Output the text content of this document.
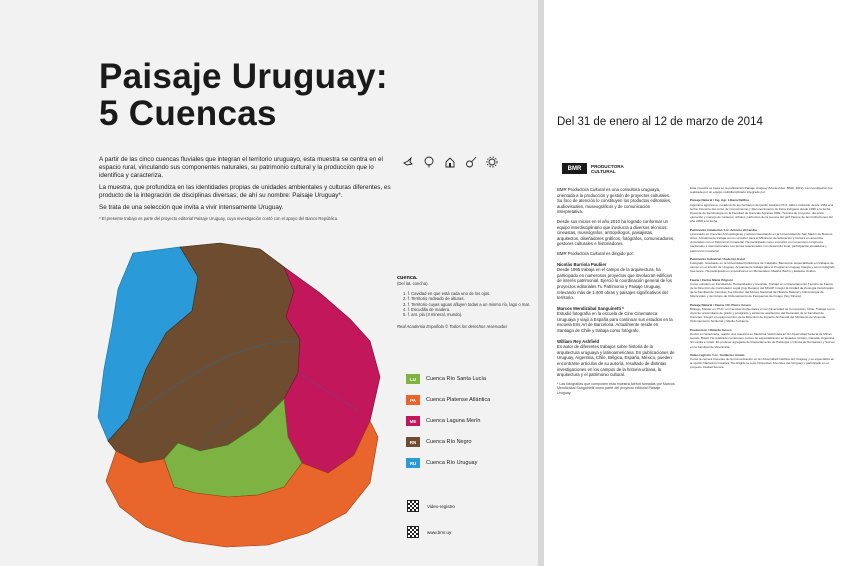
Paisaje Uruguay:
5 Cuencas

A partir de las cinco cuencas fluviales que integran el territorio uruguayo, esta muestra se centra en el espacio rural, vinculando sus componentes naturales, su patrimonio cultural y la producción que lo identifica y caracteriza.

La muestra, que profundiza en las identidades propias de unidades ambientales y culturas diferentes, es producto de la integración de disciplinas diversas; de ahí su nombre: Paisaje Uruguay*.

Se trata de una selección que invita a vivir intensamente Uruguay.

* El presente trabajo es parte del proyecto editorial Paisaje Uruguay, cuya investigación contó con el apoyo del Banco República.

cuenca.
(Del lat. concha).
1. f. Cavidad en que está cada uno de los ojos.
2. f. Territorio rodeado de alturas.
3. f. Territorio cuyas aguas afluyen todas a un mismo río, lago o mar.
4. f. Escudilla de madera.
5. f. ant. pla (II mineral, mundo).
Real Academia Española © Todos los derechos reservados
LU	Cuenca Río Santa Lucía
PA	Cuenca Platense Atlántica
ME	Cuenca Laguna Merín
RN	Cuenca Río Negro
RU	Cuenca Río Uruguay
Video-registro
www.bmr.uy
Del 31 de enero al 12 de marzo de 2014
BMR	PRODUCTORA
CULTURAL

BMR Productora Cultural es una consultora uruguaya, orientada a la producción y gestión de proyectos culturales. Su foco de atención lo constituyen los productos editoriales, audiovisuales, museográficos y de comunicación interpretativa.

Desde sus inicios en el año 2010 ha logrado conformar un equipo interdisciplinario que involucra a diversos técnicos: cineastas, museógrafos, antropólogos, paisajistas, arquitectos, diseñadores gráficos, fotógrafos, comunicadores, gestores culturales e historiadores.

BMR Productora Cultural es dirigido por:

Nicolás Barriola Pauliier

Desde 1995 trabaja en el campo de la arquitectura, ha participado en numerosos proyectos que involucran edificios de interés patrimonial. Ejerció la coordinación general de los proyectos editoriales Tu Patrimonio y Paisaje Uruguay, relevando más de 1.000 obras y paisajes significativos del territorio.

Marcos Mendizábal Sanguinetti *

Estudió fotografía en la escuela de Cine Cinemateca Uruguaya y viajó a España para continuar sus estudios en la escuela Eris Art de Barcelona. Actualmente reside en Santiago de Chile y trabaja como fotógrafo.

William Rey Ashfield

Es autor de diferentes trabajos sobre historia de la arquitectura uruguaya y latinoamericana. En publicaciones de Uruguay, Argentina, Chile, Bélgica, España, México, pueden encontrarse artículos de su autoría, resultado de distintas investigaciones en los campos de la historia urbana, la arquitectura y el patrimonio cultural.

* Las fotografías que componen esta muestra fueron tomadas por Marcos Mendizábal Sanguinetti como parte del proyecto editorial Paisaje Uruguay.

Esta muestra se basa en la publicación Paisaje Uruguay (Montevideo: BMR, 2012). La investigación fue realizada por un equipo multidisciplinario integrado por:

Paisaje Natural / Ing. Agr. Liliana Delfino

Ingeniera agrónoma, curadora de los herbarios del jardín botánico Prof. Atilio Lombardo desde 1981 a la fecha. Docente del curso de Conocimiento y Reconocimiento de Flora Indígena desde 1996 a la fecha. Docente de Dendrología en la Facultad de Ciencias Agrarias UDE. Técnica de proyecto, dirección, ejecución y manejo de canteros, árboles y arbustos de la cuenca del golf Parque de las Instituciones del año 2008 a la fecha.

Patrimonio inmaterial / Lic. Antonio di Candia

Licenciado en Ciencias Antropológicas y actual maestrando en la Universidad de San Martín de Buenos Aires. Actualmente trabaja como consultor para el Ministerio de Educación y Cultura en acuerdos vinculados con el Patrimonio Inmaterial. Ha participado como expositor en numerosos congresos nacionales e internacionales con temas relacionados con desarrollo local, participación ciudadana y patrimonio inmaterial.

Patrimonio Industrial / Federico Estol

Fotógrafo. Graduado en la Universidad Politécnica de Cataluña, Barcelona. Especializado en trabajos de campo en el interior de Uruguay. Actualmente trabaja para el Programa Uruguay Integra y como fotógrafo free-lance. Ha participado en exposiciones en Montevideo, Madrid, Berlín y Estados Unidos.

Fauna / Carlos María Prigioni

Curso estudios en Facultad de Humanidades y Ciencias. Trabajó en el Departamento Técnico de Fauna de la Dirección de Controlador Legal (hoy Renare) del MGAP. Integró la Unidad de Zoología Vertebrados de la Facultad de Ciencias, fue Director del Museo Nacional de Historia Natural y Antropología de Montevideo y del Grupo de Ordenamiento de Pesquerías del Imago (hoy Dinara).

Paisaje Natural / Fauna / Dr. Pierre Gosen

Biólogo, Master en Ph.D. en Ciencias Ambientales en la Universidad de Concepción, Chile. Trabajó como docente universitario de grado y postgrado y asistente académico del Decanato de la Facultad de Ciencias. Integró el equipo técnico de la Dirección de Impacto Ambiental del Ministerio de Vivienda, Ordenamiento Territorial y Medio Ambiente.

Producción / Ricardo Gosco

Doctor en Veterinaria, realizó una maestría en Medicina Veterinaria en la Universidad Federal de Minas Gerais, Brasil. Ha realizado numerosos cursos de especialización en Estados Unidos, Canadá, Argentina, Sri Lanka e Israel. Es profesor agregado del Departamento de Patología y Clínica de Rumiantes y Suinos en la Facultad de Veterinaria.

Video-registro / Lic. Guillermo Amato

Cursó la carrera Ciencias de la Comunicación en la Universidad Católica del Uruguay y se especializó en la opción Narración Creativa. Ha dirigido la serie Orquestas Juveniles del Uruguay y participado en el proyecto Ciudad Sonora.
